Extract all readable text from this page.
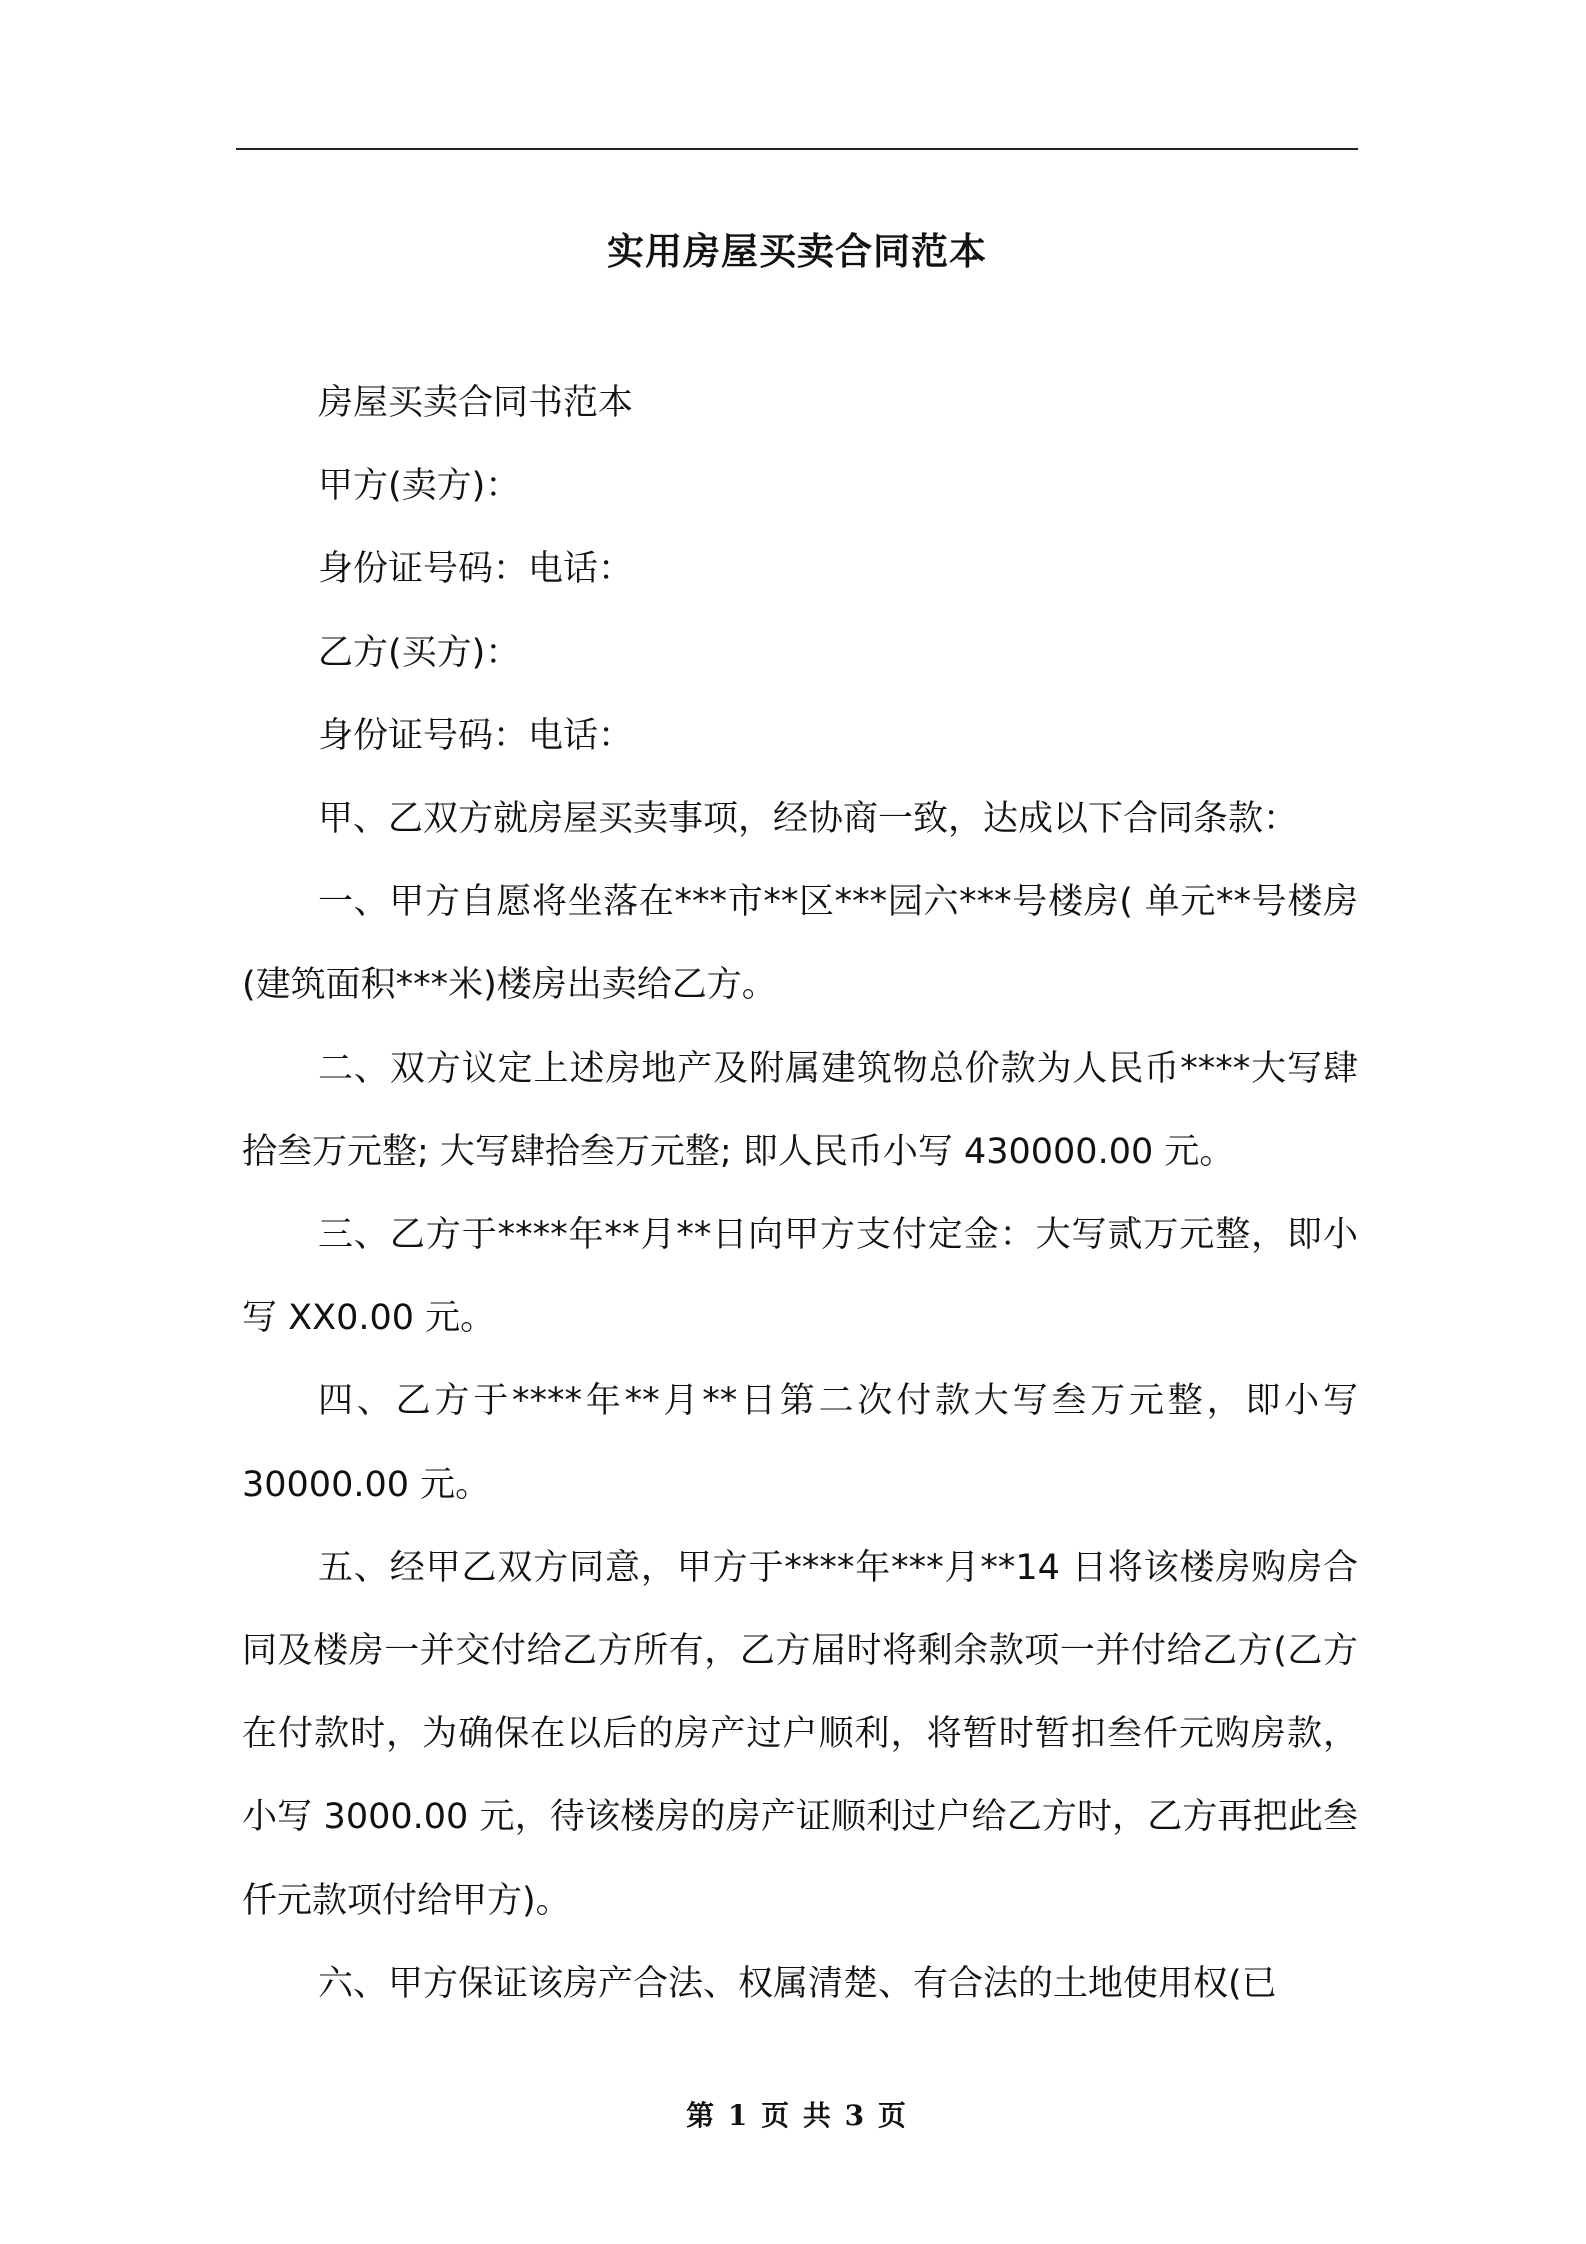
实用房屋买卖合同范本

房屋买卖合同书范本

甲方(卖方)：

身份证号码：电话：

乙方(买方)：

身份证号码：电话：

甲、乙双方就房屋买卖事项，经协商一致，达成以下合同条款：

一、甲方自愿将坐落在***市**区***园六***号楼房( 单元**号楼房(建筑面积***米)楼房出卖给乙方。

二、双方议定上述房地产及附属建筑物总价款为人民币****大写肆拾叁万元整; 大写肆拾叁万元整; 即人民币小写 430000.00 元。

三、乙方于****年**月**日向甲方支付定金：大写贰万元整，即小写 XX0.00 元。

四、乙方于****年**月**日第二次付款大写叁万元整，即小写 30000.00 元。

五、经甲乙双方同意，甲方于****年***月**14 日将该楼房购房合同及楼房一并交付给乙方所有，乙方届时将剩余款项一并付给乙方(乙方在付款时，为确保在以后的房产过户顺利，将暂时暂扣叁仟元购房款，小写 3000.00 元，待该楼房的房产证顺利过户给乙方时，乙方再把此叁仟元款项付给甲方)。

六、甲方保证该房产合法、权属清楚、有合法的土地使用权(已

第 1 页 共 3 页
